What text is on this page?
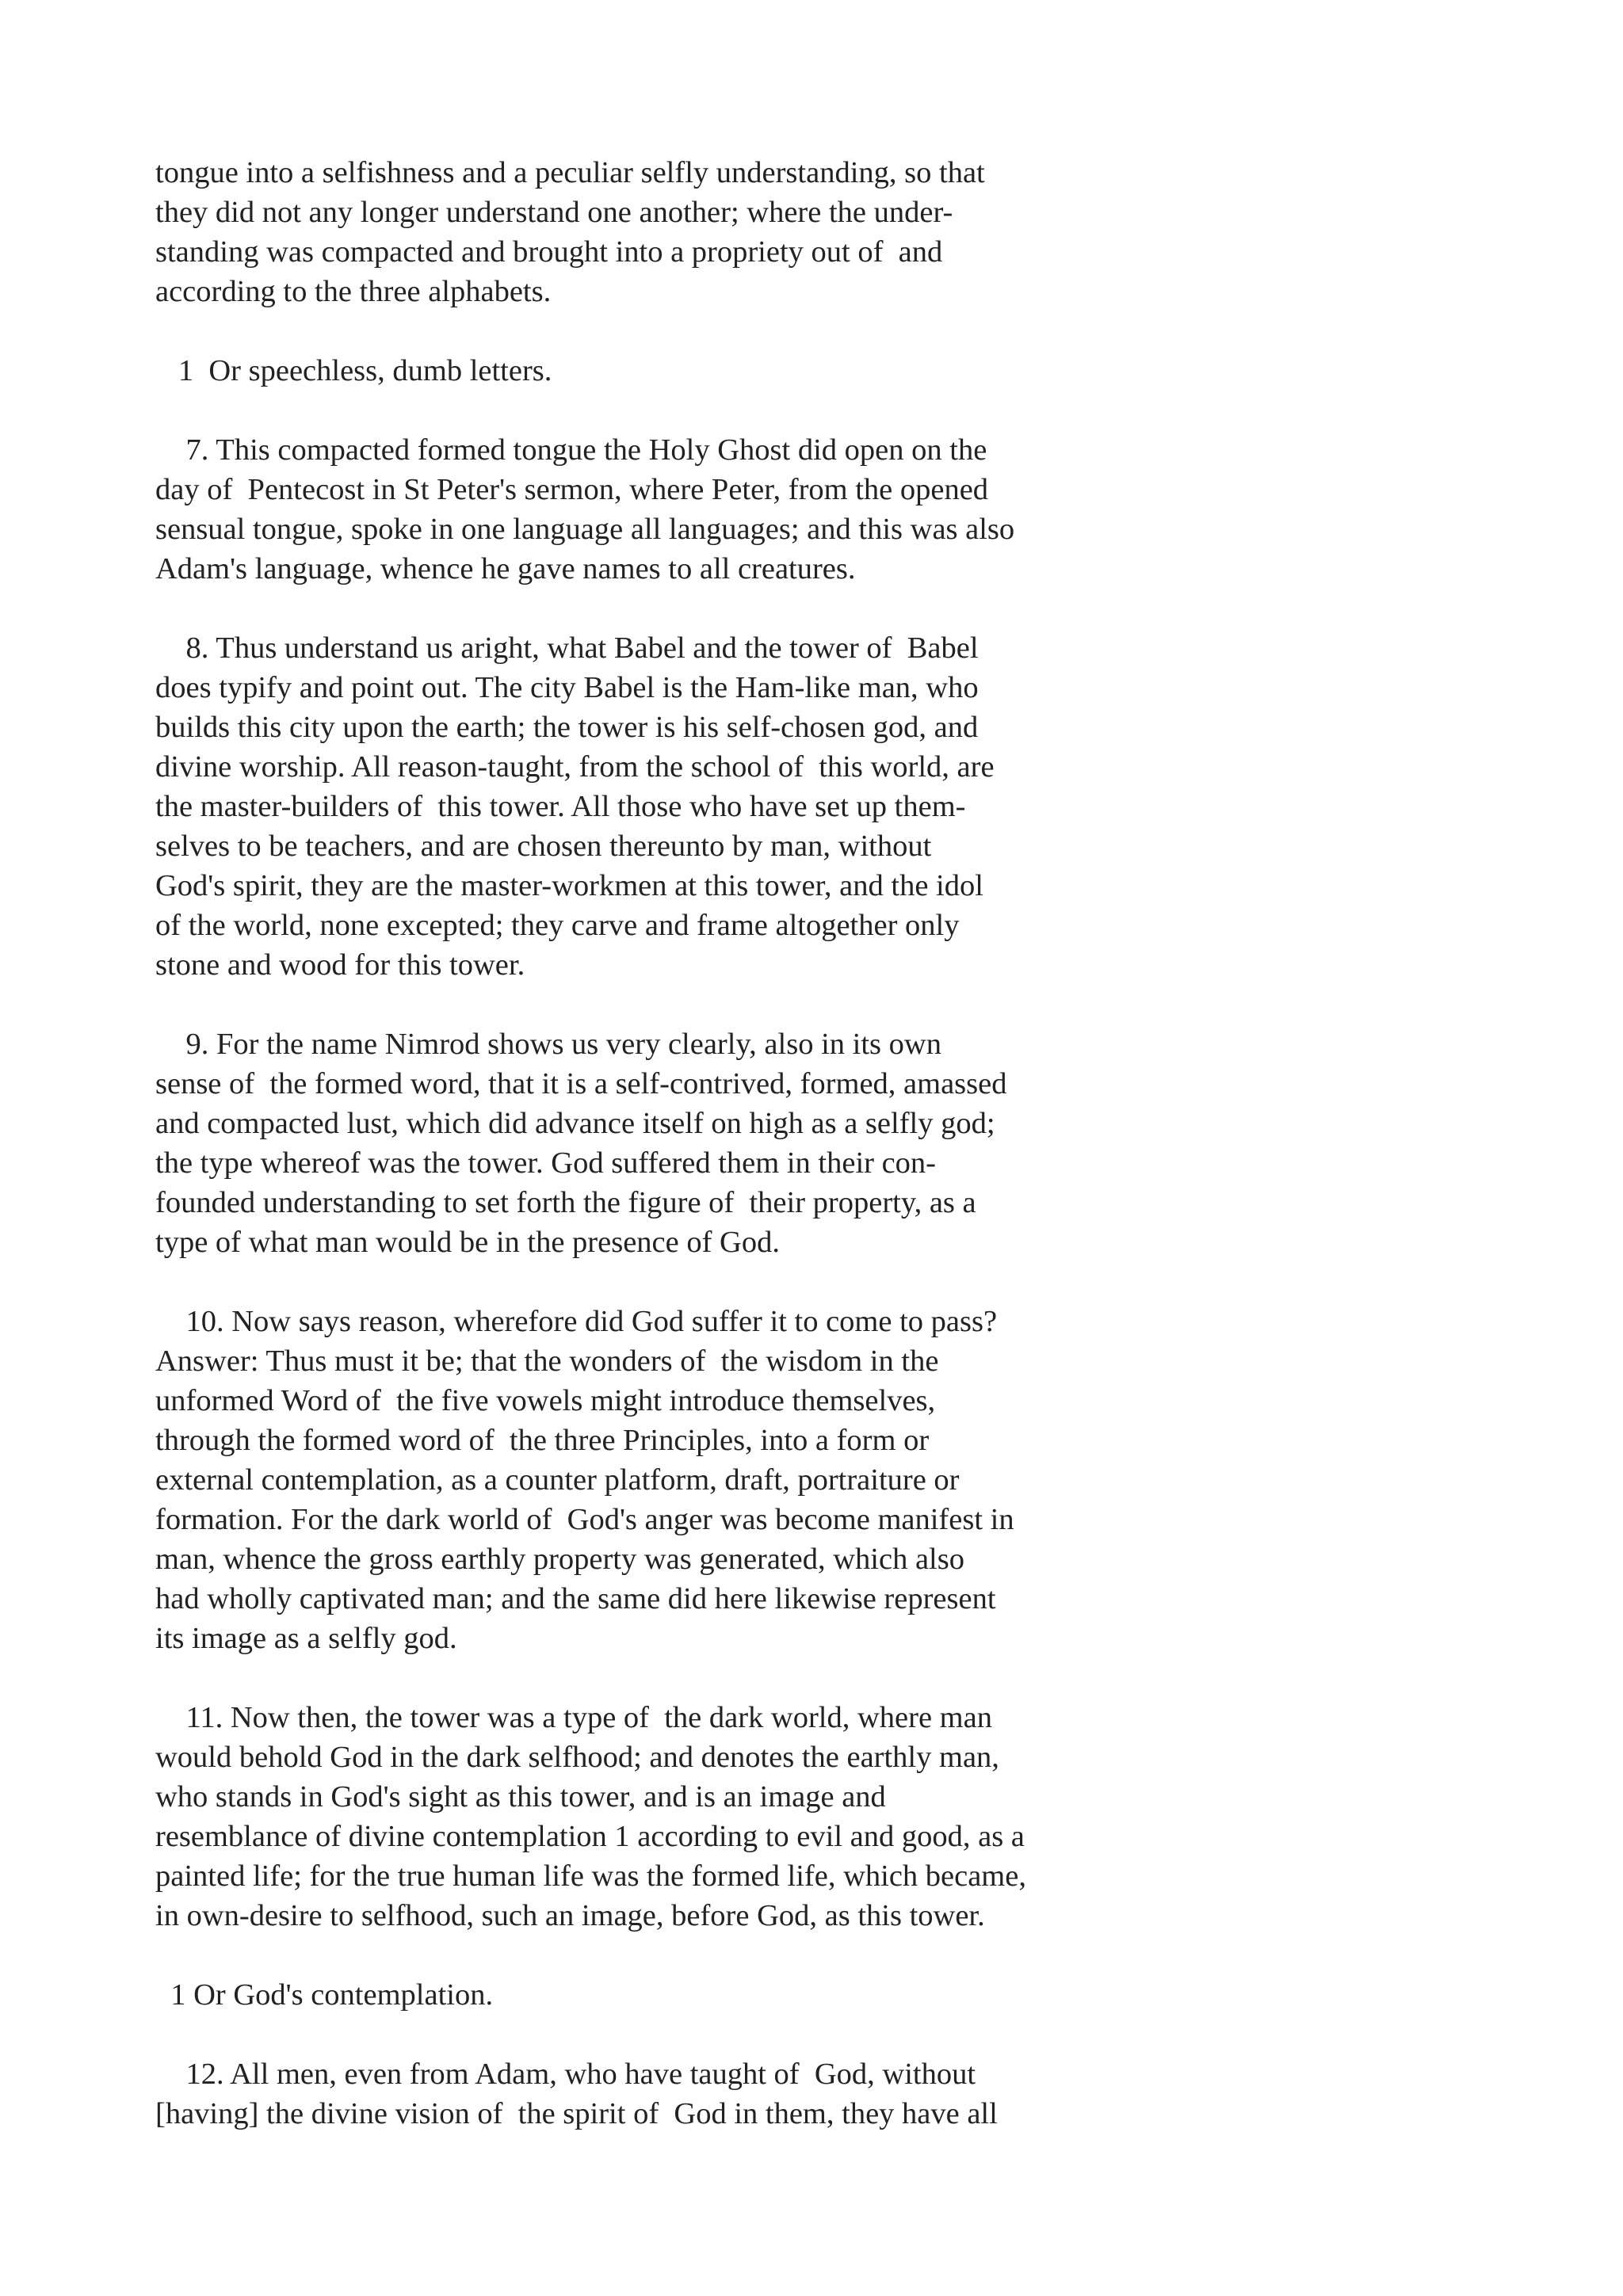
tongue into a selfishness and a peculiar selfly understanding, so that
they did not any longer understand one another; where the under-
standing was compacted and brought into a propriety out of  and
according to the three alphabets.
1  Or speechless, dumb letters.
7. This compacted formed tongue the Holy Ghost did open on the
day of  Pentecost in St Peter's sermon, where Peter, from the opened
sensual tongue, spoke in one language all languages; and this was also
Adam's language, whence he gave names to all creatures.
8. Thus understand us aright, what Babel and the tower of  Babel
does typify and point out. The city Babel is the Ham-like man, who
builds this city upon the earth; the tower is his self-chosen god, and
divine worship. All reason-taught, from the school of  this world, are
the master-builders of  this tower. All those who have set up them-
selves to be teachers, and are chosen thereunto by man, without
God's spirit, they are the master-workmen at this tower, and the idol
of the world, none excepted; they carve and frame altogether only
stone and wood for this tower.
9. For the name Nimrod shows us very clearly, also in its own
sense of  the formed word, that it is a self-contrived, formed, amassed
and compacted lust, which did advance itself on high as a selfly god;
the type whereof was the tower. God suffered them in their con-
founded understanding to set forth the figure of  their property, as a
type of what man would be in the presence of God.
10. Now says reason, wherefore did God suffer it to come to pass?
Answer: Thus must it be; that the wonders of  the wisdom in the
unformed Word of  the five vowels might introduce themselves,
through the formed word of  the three Principles, into a form or
external contemplation, as a counter platform, draft, portraiture or
formation. For the dark world of  God's anger was become manifest in
man, whence the gross earthly property was generated, which also
had wholly captivated man; and the same did here likewise represent
its image as a selfly god.
11. Now then, the tower was a type of  the dark world, where man
would behold God in the dark selfhood; and denotes the earthly man,
who stands in God's sight as this tower, and is an image and
resemblance of divine contemplation 1 according to evil and good, as a
painted life; for the true human life was the formed life, which became,
in own-desire to selfhood, such an image, before God, as this tower.
1 Or God's contemplation.
12. All men, even from Adam, who have taught of  God, without
[having] the divine vision of  the spirit of  God in them, they have all
